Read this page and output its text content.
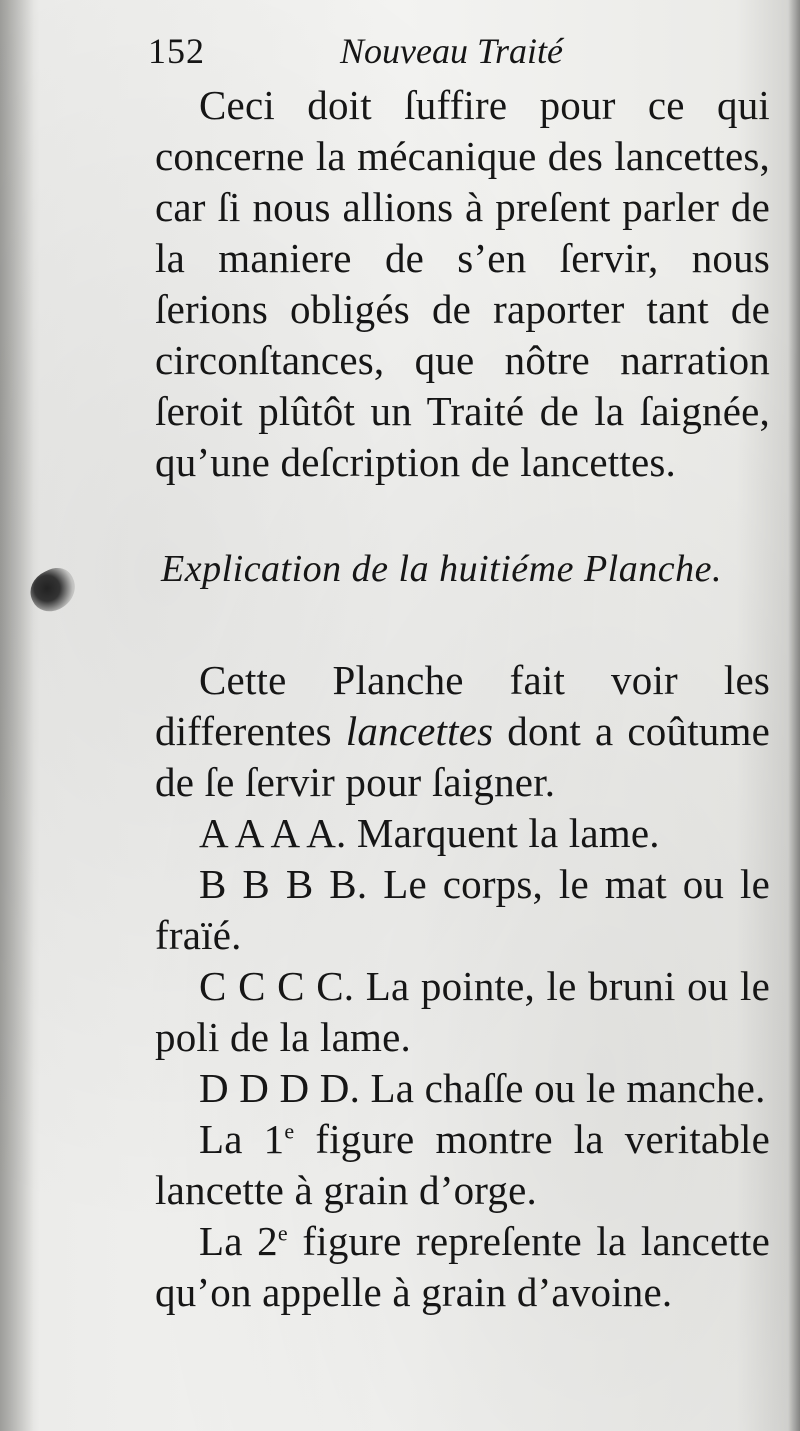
152	Nouveau Traité

Ceci doit ſuffire pour ce qui concerne la mécanique des lancettes, car ſi nous allions à preſent parler de la maniere de s’en ſervir, nous ſerions obligés de raporter tant de circonſtances, que nôtre narration ſeroit plûtôt un Traité de la ſaignée, qu’une deſcription de lancettes.

Explication de la huitiéme Planche.

Cette Planche fait voir les differentes lancettes dont a coûtume de ſe ſervir pour ſaigner.

A A A A. Marquent la lame.

B B B B. Le corps, le mat ou le fraïé.

C C C C. La pointe, le bruni ou le poli de la lame.

D D D D. La chaſſe ou le manche.

La 1e figure montre la veritable lancette à grain d’orge.

La 2e figure repreſente la lancette qu’on appelle à grain d’avoine.
